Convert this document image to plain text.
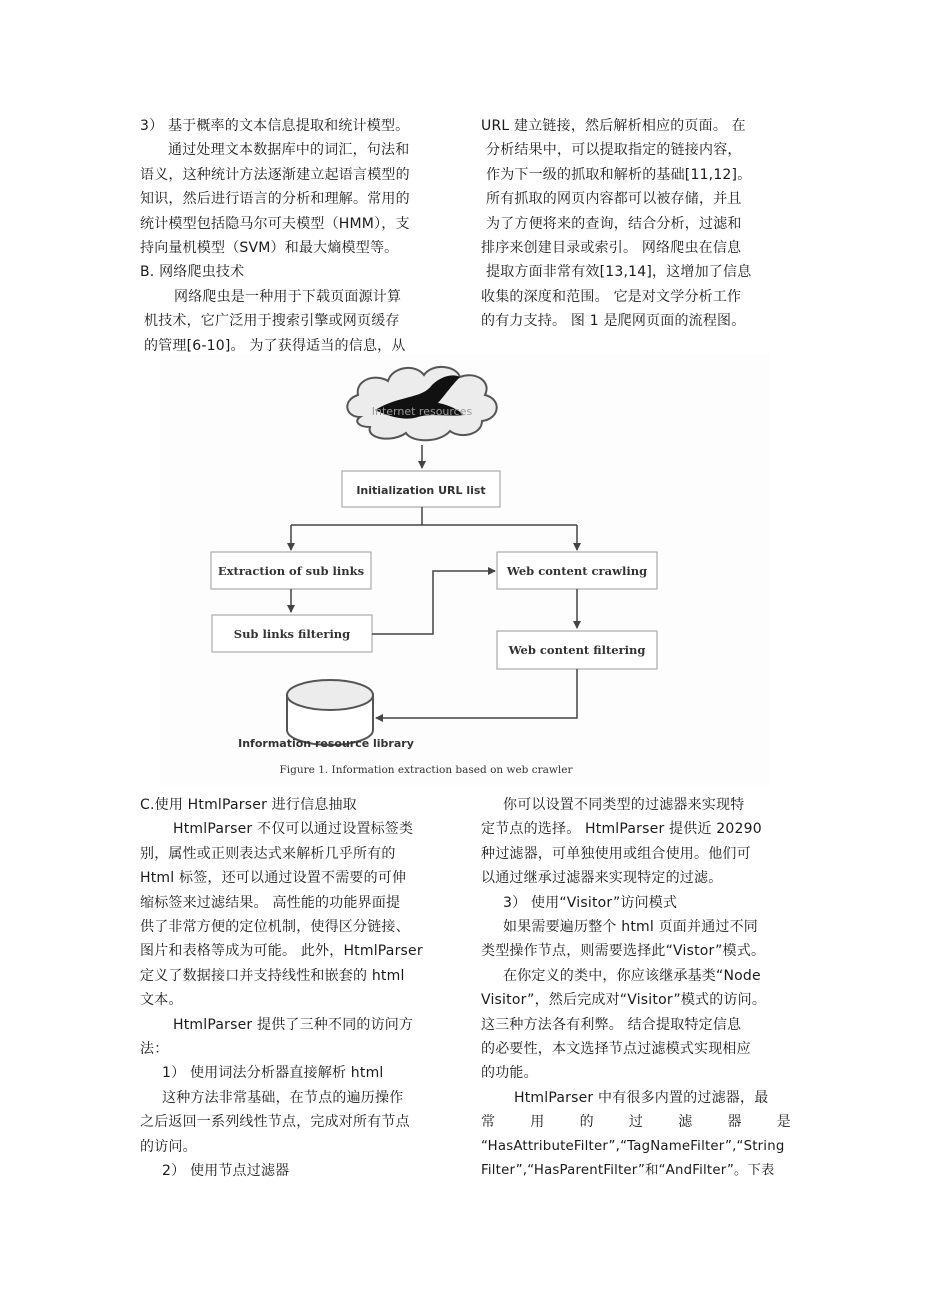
3） 基于概率的文本信息提取和统计模型。

通过处理文本数据库中的词汇，句法和

语义，这种统计方法逐渐建立起语言模型的

知识，然后进行语言的分析和理解。常用的

统计模型包括隐马尔可夫模型（HMM），支

持向量机模型（SVM）和最大熵模型等。

B. 网络爬虫技术

网络爬虫是一种用于下载页面源计算

机技术，它广泛用于搜索引擎或网页缓存

的管理[6-10]。 为了获得适当的信息，从

URL 建立链接，然后解析相应的页面。 在

分析结果中，可以提取指定的链接内容，

作为下一级的抓取和解析的基础[11,12]。

所有抓取的网页内容都可以被存储，并且

为了方便将来的查询，结合分析，过滤和

排序来创建目录或索引。 网络爬虫在信息

提取方面非常有效[13,14]，这增加了信息

收集的深度和范围。 它是对文学分析工作

的有力支持。 图 1 是爬网页面的流程图。

Internet resources
Initialization URL list
Extraction of sub links
Sub links filtering
Web content crawling
Web content filtering
Information resource library
Figure 1. Information extraction based on web crawler

C.使用 HtmlParser 进行信息抽取

HtmlParser 不仅可以通过设置标签类

别，属性或正则表达式来解析几乎所有的

Html 标签，还可以通过设置不需要的可伸

缩标签来过滤结果。 高性能的功能界面提

供了非常方便的定位机制，使得区分链接、

图片和表格等成为可能。 此外，HtmlParser

定义了数据接口并支持线性和嵌套的 html

文本。

HtmlParser 提供了三种不同的访问方

法：

1） 使用词法分析器直接解析 html

这种方法非常基础，在节点的遍历操作

之后返回一系列线性节点，完成对所有节点

的访问。

2） 使用节点过滤器

你可以设置不同类型的过滤器来实现特

定节点的选择。 HtmlParser 提供近 20290

种过滤器，可单独使用或组合使用。他们可

以通过继承过滤器来实现特定的过滤。

3） 使用“Visitor”访问模式

如果需要遍历整个 html 页面并通过不同

类型操作节点，则需要选择此“Vistor”模式。

在你定义的类中，你应该继承基类“Node

Visitor”，然后完成对“Visitor”模式的访问。

这三种方法各有利弊。 结合提取特定信息

的必要性，本文选择节点过滤模式实现相应

的功能。

HtmlParser 中有很多内置的过滤器，最

常	用	的	过	滤	器	是

“HasAttributeFilter”,“TagNameFilter”,“String

Filter”,“HasParentFilter”和“AndFilter”。下表
